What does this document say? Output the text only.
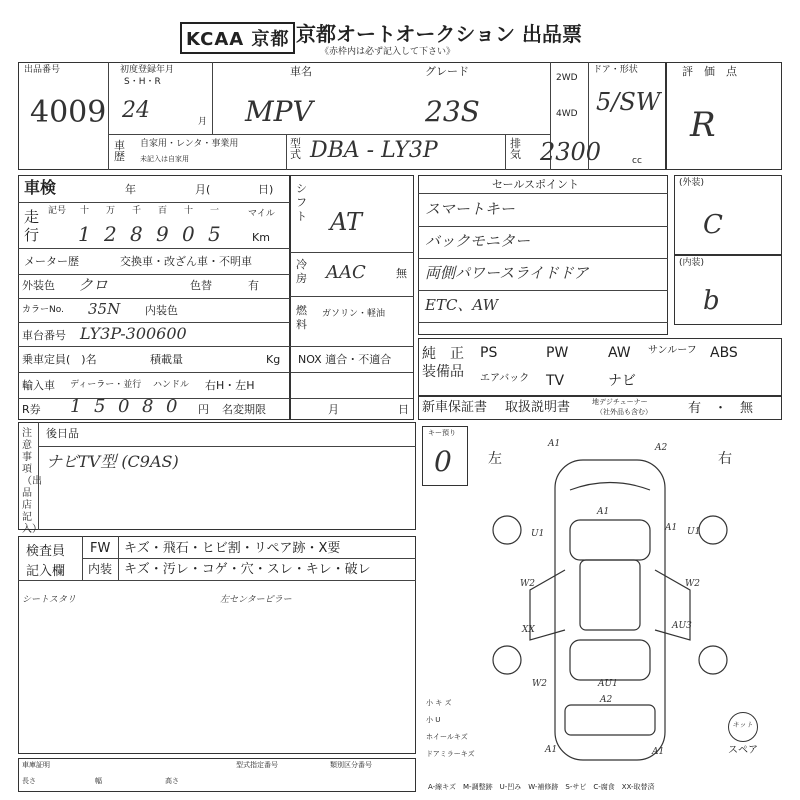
KCAA 京都 京都オートオークション 出品票
《赤枠内は必ず記入して下さい》
出品番号
4009
初度登録年月
S・H・R
24	月
車名
MPV
グレード
23S
2WD
4WD
ドア・形状
5/SW
評　価　点
R
車歴
自家用・レンタ・事業用
未記入は自家用
型式 DBA - LY3P	排気 2300	cc
車検	年	月(	日)
走行
記号 十 万 千 百 十 一	マイル
Km
1 2 8 9 0 5
メーター歴	交換車・改ざん車・不明車
外装色 クロ	色替	有
カラーNo. 35N 内装色
車台番号 LY3P-300600
乗車定員(　)名	積載量	Kg
輸入車 ディーラー・並行 ハンドル 右H・左H
R券 1 5 0 8 0 円 名変期限	月	日
シフト AT
冷房 AAC	無
燃料
ガソリン・軽油
NOX 適合・不適合
セールスポイント
スマートキー
バックモニター
両側パワースライドドア
ETC、AW
(外装)
C
(内装)
b
純　正
装備品
PS	PW	AW サンルーフ ABS
エアバック TV	ナビ
新車保証書 取扱説明書	地デジチューナー
（社外品も含む）	有　・　無
注意事項（出品店記入）
後日品
ナビTV型 (C9AS)
キー預り
0	左	右
A1	A2
A1
U1
A1 U1
W2	W2
XX	AU3
W2	AU1
A2
A1	A1
小 キ ズ
小 U
ホイールキズ
ドアミラーキズ	スペア
キット
検査員
記入欄
FW キズ・飛石・ヒビ割・リペア跡・X要
内装 キズ・汚レ・コゲ・穴・スレ・キレ・破レ
シートスタリ	左センターピラー
車庫証明	型式指定番号	類別区分番号
長さ	幅	高さ
A-線キズ　M-調整跡　U-凹み　W-補修跡　S-サビ　C-腐食　XX-取替済
